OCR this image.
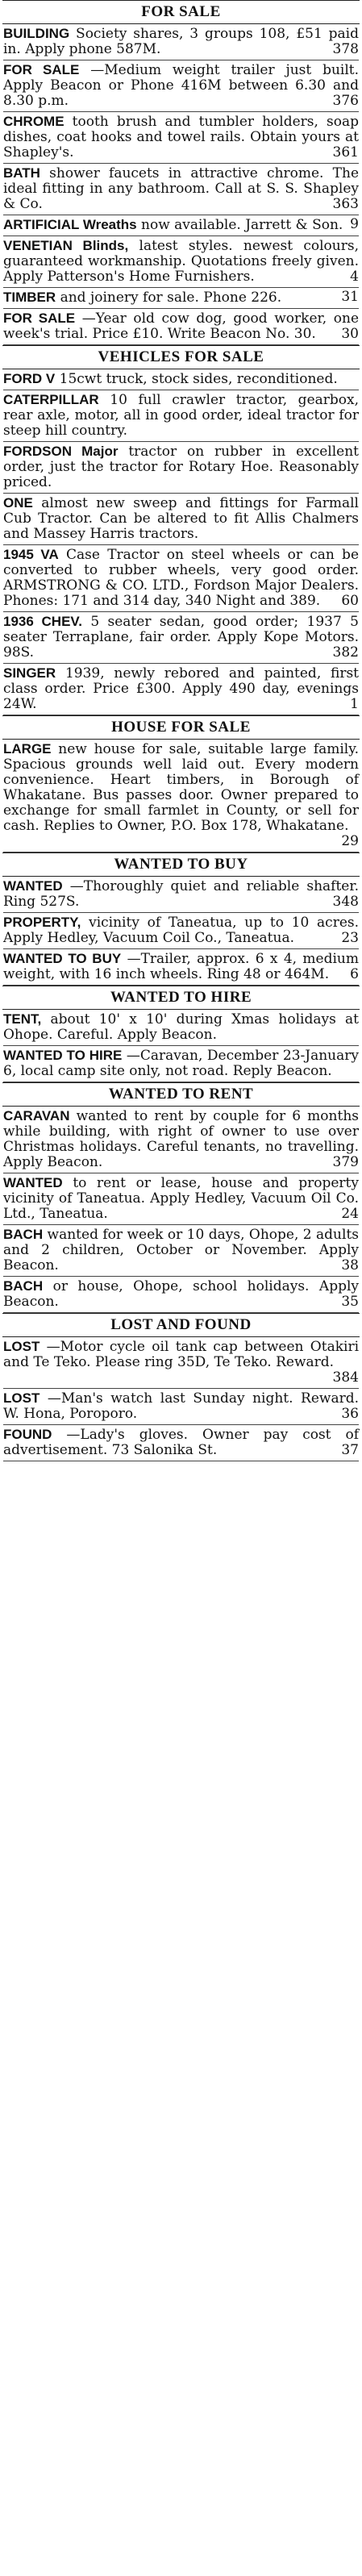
FOR SALE

BUILDING Society shares, 3 groups 108, £51 paid in. Apply phone 587M.	378

FOR SALE —Medium weight trailer just built. Apply Beacon or Phone 416M between 6.30 and 8.30 p.m.	376

CHROME tooth brush and tumbler holders, soap dishes, coat hooks and towel rails. Obtain yours at Shapley's.	361

BATH shower faucets in attractive chrome. The ideal fitting in any bathroom. Call at S. S. Shapley & Co.	363

ARTIFICIAL Wreaths now available. Jarrett & Son. 9

VENETIAN Blinds, latest styles. newest colours, guaranteed workmanship. Quotations freely given. Apply Patterson's Home Furnishers.	4

TIMBER and joinery for sale. Phone 226.	31

FOR SALE —Year old cow dog, good worker, one week's trial. Price £10. Write Beacon No. 30. 30

VEHICLES FOR SALE

FORD V 15cwt truck, stock sides, reconditioned.

CATERPILLAR 10 full crawler tractor, gearbox, rear axle, motor, all in good order, ideal tractor for steep hill country.

FORDSON Major tractor on rubber in excellent order, just the tractor for Rotary Hoe. Reasonably priced.

ONE almost new sweep and fittings for Farmall Cub Tractor. Can be altered to fit Allis Chalmers and Massey Harris tractors.

1945 VA Case Tractor on steel wheels or can be converted to rubber wheels, very good order. ARMSTRONG & CO. LTD., Fordson Major Dealers. Phones: 171 and 314 day, 340 Night and 389. 60

1936 CHEV. 5 seater sedan, good order; 1937 5 seater Terraplane, fair order. Apply Kope Motors. 98S.	382

SINGER 1939, newly rebored and painted, first class order. Price £300. Apply 490 day, evenings 24W.	1

HOUSE FOR SALE

LARGE new house for sale, suitable large family. Spacious grounds well laid out. Every modern convenience. Heart timbers, in Borough of Whakatane. Bus passes door. Owner prepared to exchange for small farmlet in County, or sell for cash. Replies to Owner, P.O. Box 178, Whakatane.
29

WANTED TO BUY

WANTED —Thoroughly quiet and reliable shafter. Ring 527S.	348

PROPERTY, vicinity of Taneatua, up to 10 acres. Apply Hedley, Vacuum Coil Co., Taneatua.	23

WANTED TO BUY —Trailer, approx. 6 x 4, medium weight, with 16 inch wheels. Ring 48 or 464M. 6

WANTED TO HIRE

TENT, about 10' x 10' during Xmas holidays at Ohope. Careful. Apply Beacon.

WANTED TO HIRE —Caravan, December 23-January 6, local camp site only, not road. Reply Beacon.

WANTED TO RENT

CARAVAN wanted to rent by couple for 6 months while building, with right of owner to use over Christmas holidays. Careful tenants, no travelling. Apply Beacon.	379

WANTED to rent or lease, house and property vicinity of Taneatua. Apply Hedley, Vacuum Oil Co. Ltd., Taneatua.	24

BACH wanted for week or 10 days, Ohope, 2 adults and 2 children, October or November. Apply Beacon.	38

BACH or house, Ohope, school holidays. Apply Beacon.	35

LOST AND FOUND

LOST —Motor cycle oil tank cap between Otakiri and Te Teko. Please ring 35D, Te Teko. Reward.
384

LOST —Man's watch last Sunday night. Reward. W. Hona, Poroporo.	36

FOUND —Lady's gloves. Owner pay cost of advertisement. 73 Salonika St.	37
